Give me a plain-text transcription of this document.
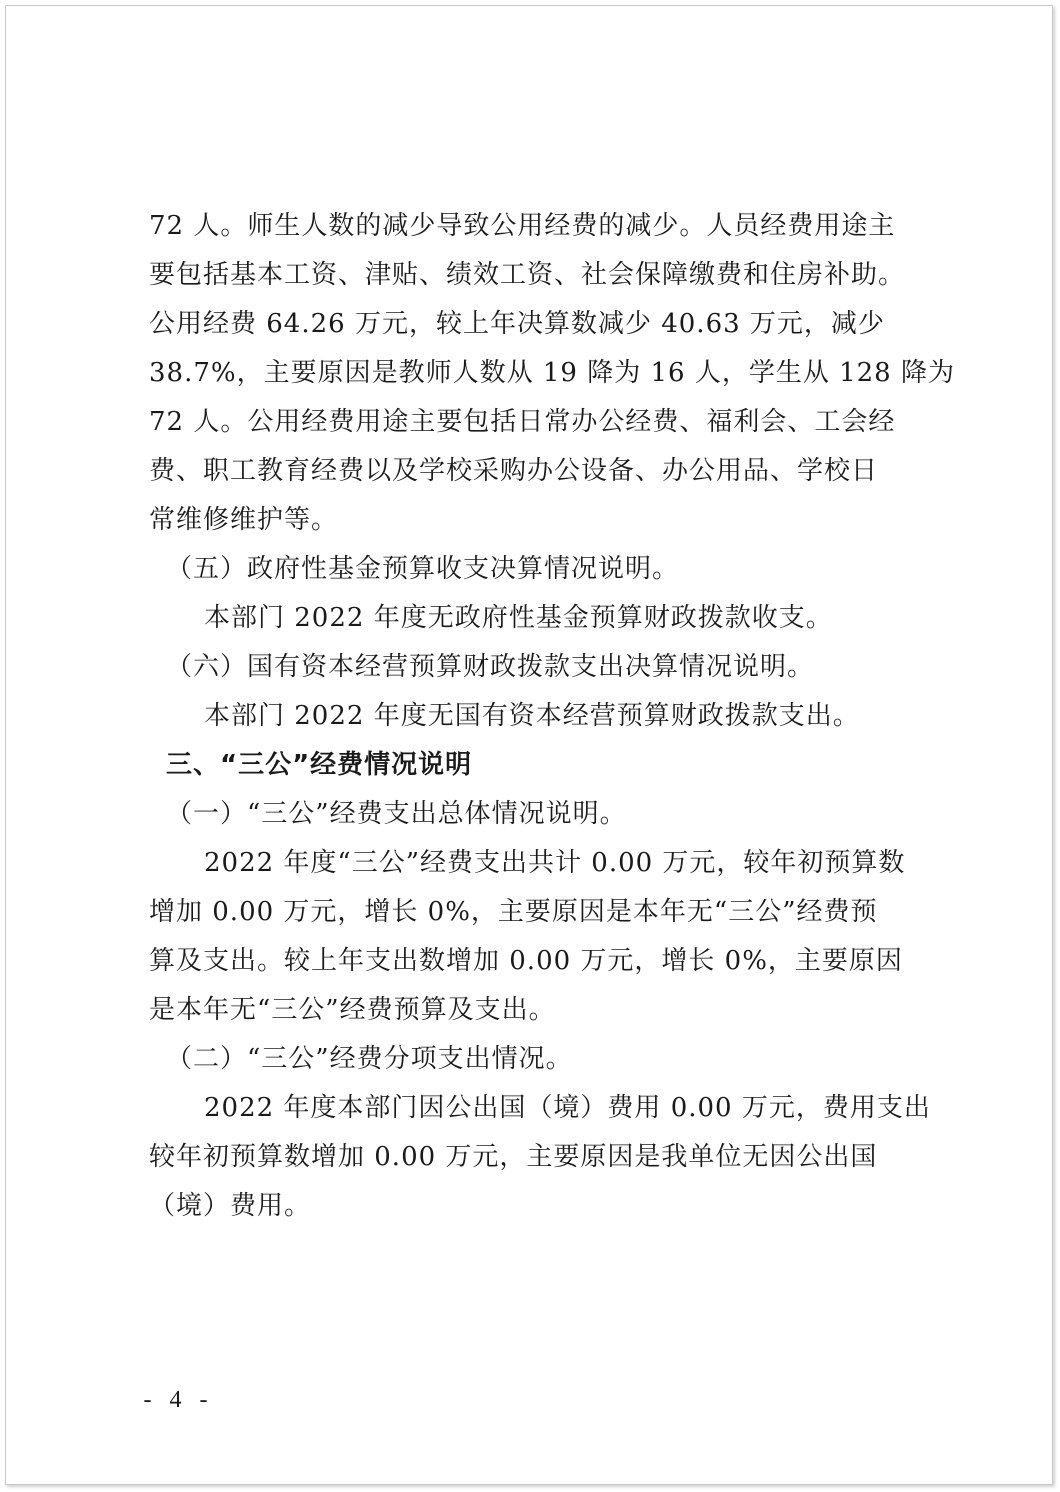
72 人。师生人数的减少导致公用经费的减少。人员经费用途主
要包括基本工资、津贴、绩效工资、社会保障缴费和住房补助。
公用经费 64.26 万元，较上年决算数减少 40.63 万元，减少
38.7%，主要原因是教师人数从 19 降为 16 人，学生从 128 降为
72 人。公用经费用途主要包括日常办公经费、福利会、工会经
费、职工教育经费以及学校采购办公设备、办公用品、学校日
常维修维护等。
（五）政府性基金预算收支决算情况说明。
本部门 2022 年度无政府性基金预算财政拨款收支。
（六）国有资本经营预算财政拨款支出决算情况说明。
本部门 2022 年度无国有资本经营预算财政拨款支出。
三、“三公”经费情况说明
（一）“三公”经费支出总体情况说明。
2022 年度“三公”经费支出共计 0.00 万元，较年初预算数
增加 0.00 万元，增长 0%，主要原因是本年无“三公”经费预
算及支出。较上年支出数增加 0.00 万元，增长 0%，主要原因
是本年无“三公”经费预算及支出。
（二）“三公”经费分项支出情况。
2022 年度本部门因公出国（境）费用 0.00 万元，费用支出
较年初预算数增加 0.00 万元，主要原因是我单位无因公出国
（境）费用。
- 4 -
